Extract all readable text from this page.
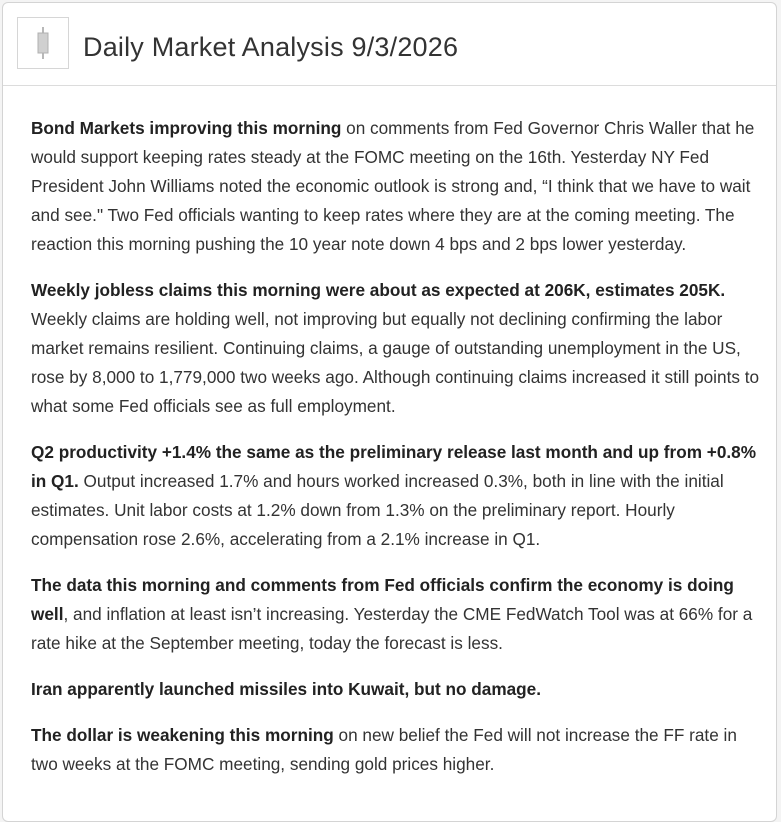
Daily Market Analysis 9/3/2026

Bond Markets improving this morning on comments from Fed Governor Chris Waller that he would support keeping rates steady at the FOMC meeting on the 16th. Yesterday NY Fed President John Williams noted the economic outlook is strong and, “I think that we have to wait and see." Two Fed officials wanting to keep rates where they are at the coming meeting. The reaction this morning pushing the 10 year note down 4 bps and 2 bps lower yesterday.

Weekly jobless claims this morning were about as expected at 206K, estimates 205K. Weekly claims are holding well, not improving but equally not declining confirming the labor market remains resilient. Continuing claims, a gauge of outstanding unemployment in the US, rose by 8,000 to 1,779,000 two weeks ago. Although continuing claims increased it still points to what some Fed officials see as full employment.

Q2 productivity +1.4% the same as the preliminary release last month and up from +0.8% in Q1. Output increased 1.7% and hours worked increased 0.3%, both in line with the initial estimates. Unit labor costs at 1.2% down from 1.3% on the preliminary report. Hourly compensation rose 2.6%, accelerating from a 2.1% increase in Q1.

The data this morning and comments from Fed officials confirm the economy is doing well, and inflation at least isn’t increasing. Yesterday the CME FedWatch Tool was at 66% for a rate hike at the September meeting, today the forecast is less.

Iran apparently launched missiles into Kuwait, but no damage.

The dollar is weakening this morning on new belief the Fed will not increase the FF rate in two weeks at the FOMC meeting, sending gold prices higher.
